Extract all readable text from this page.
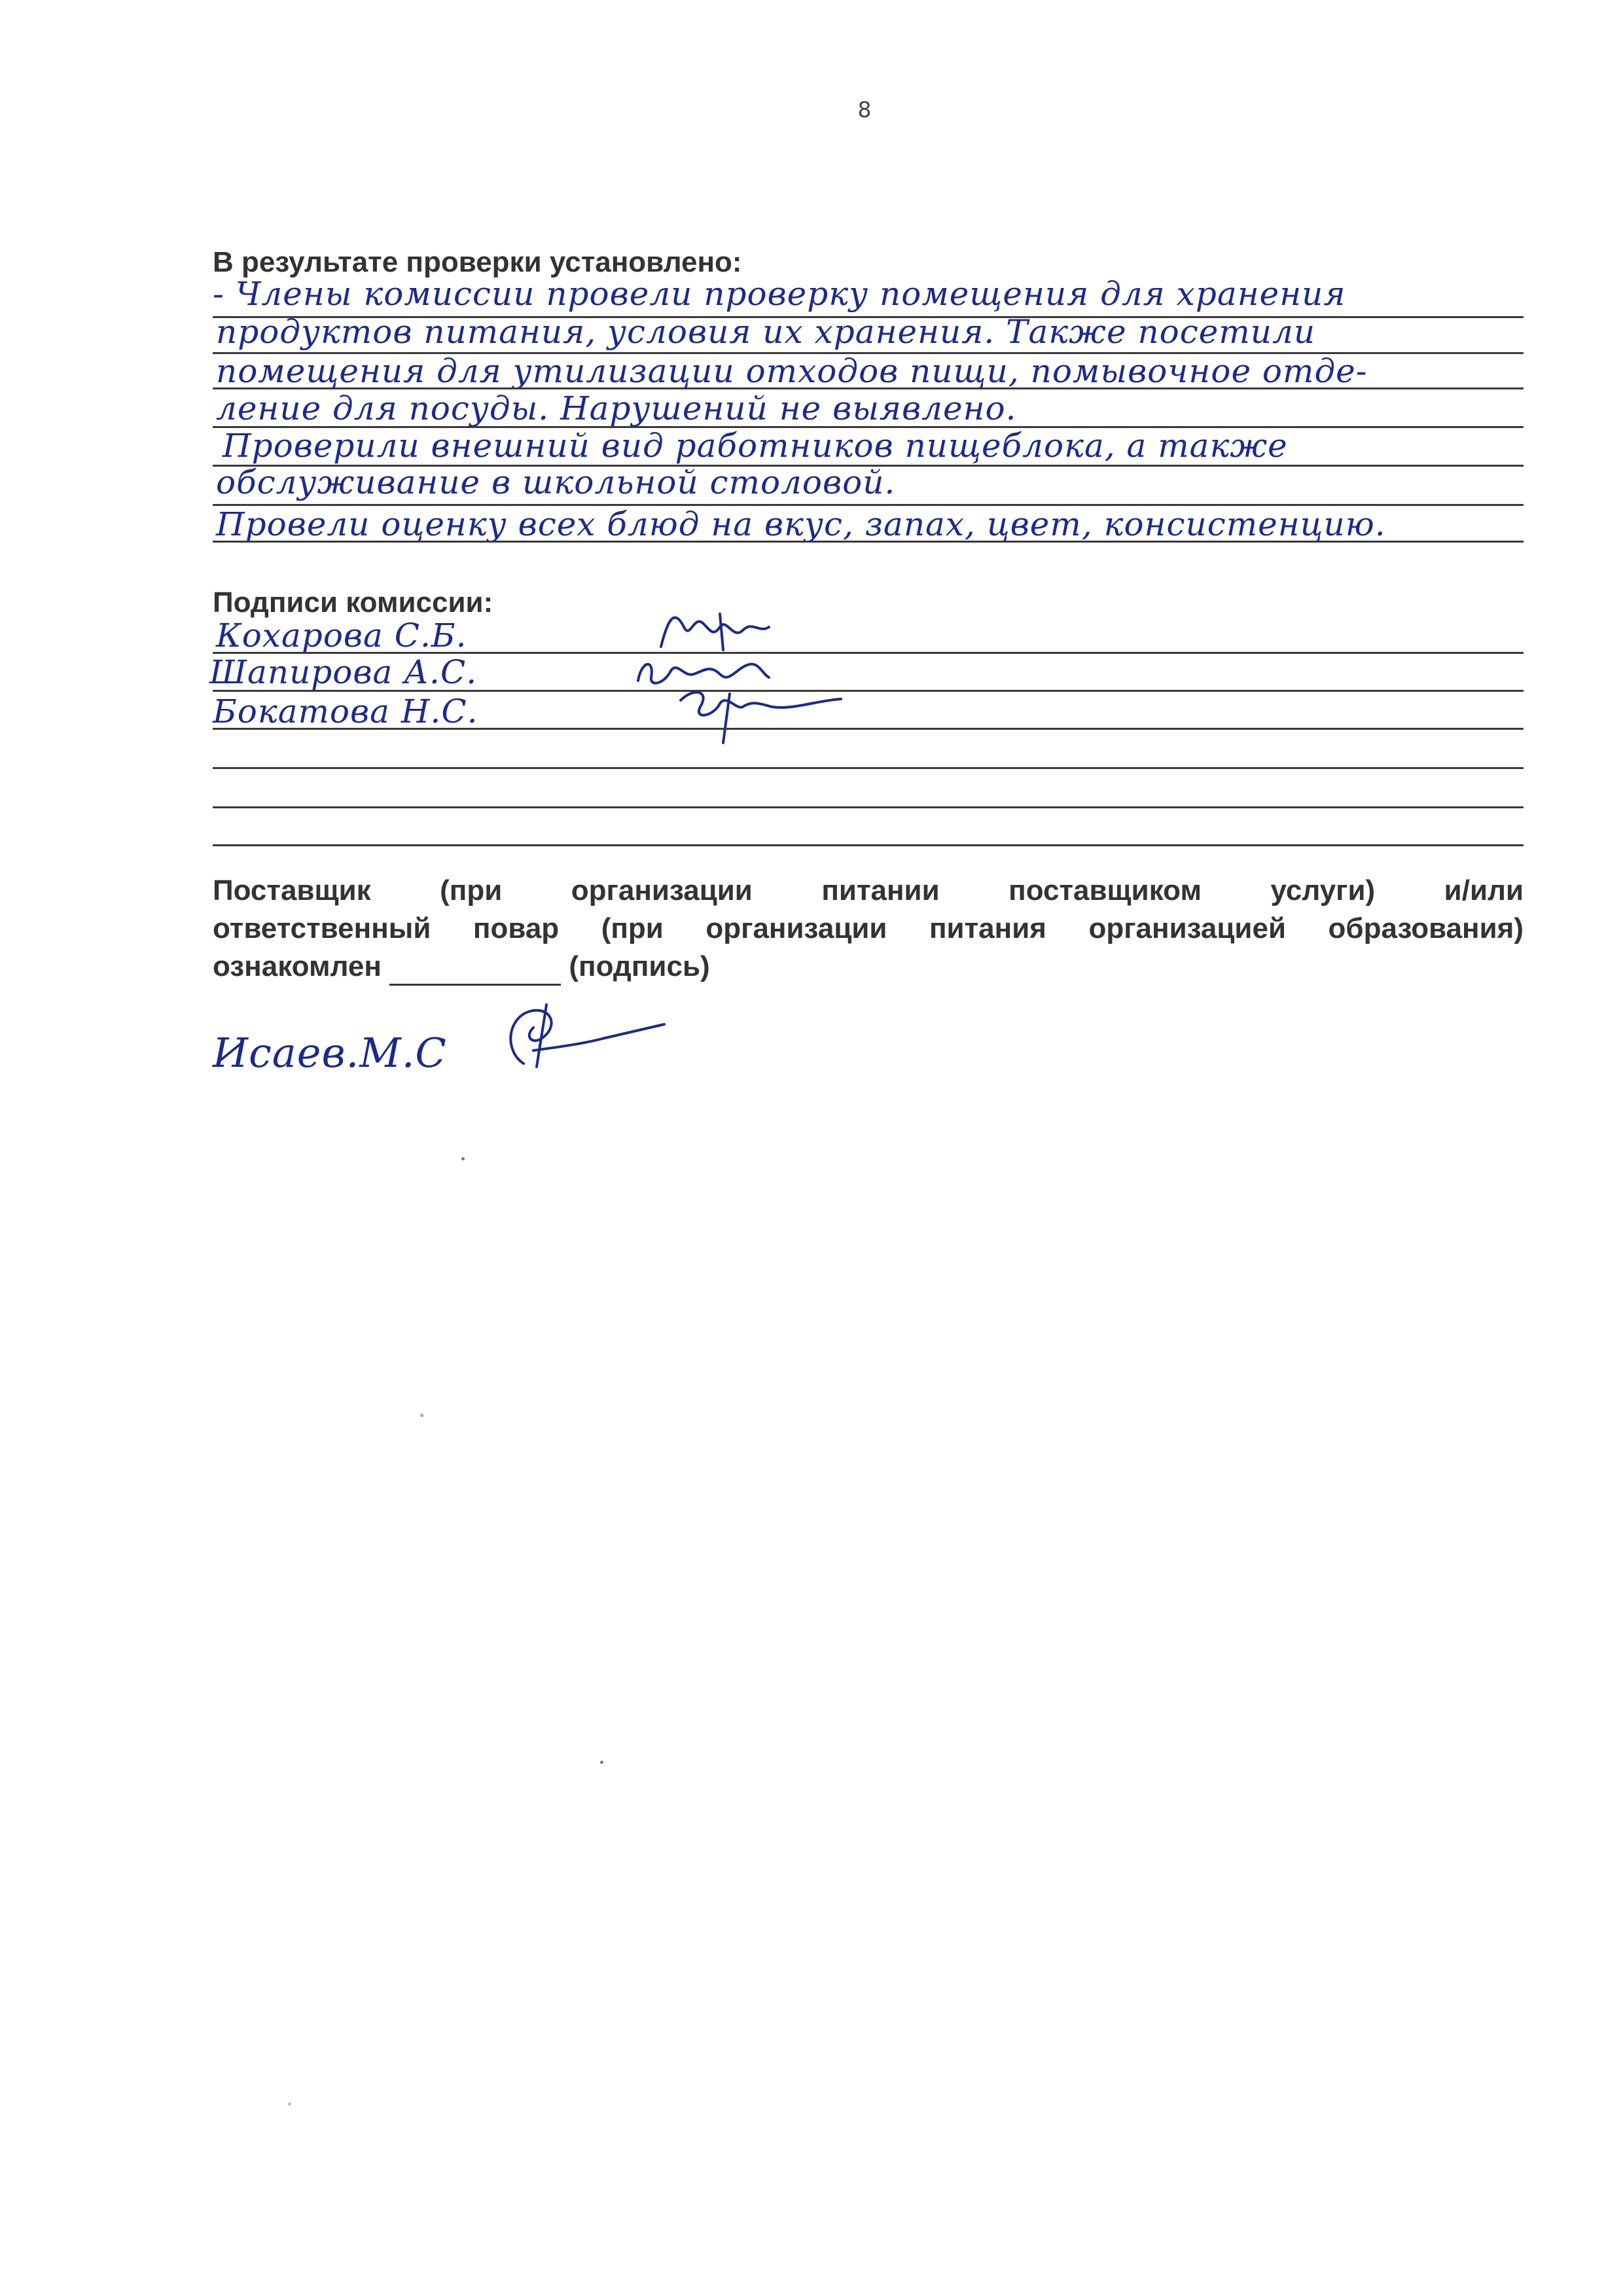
8
В результате проверки установлено:
- Члены комиссии провели проверку помещения для хранения
продуктов питания, условия их хранения. Также посетили
помещения для утилизации отходов пищи, помывочное отде-
ление для посуды. Нарушений не выявлено.
Проверили внешний вид работников пищеблока, а также
обслуживание в школьной столовой.
Провели оценку всех блюд на вкус, запах, цвет, консистенцию.
Подписи комиссии:
Кохарова С.Б.	Кох
Шапирова А.С.
Бокатова Н.С.
Поставщик (при организации питании поставщиком услуги) и/или
ответственный повар (при организации питания организацией образования)
ознакомлен	(подпись)
Исаев.М.С
